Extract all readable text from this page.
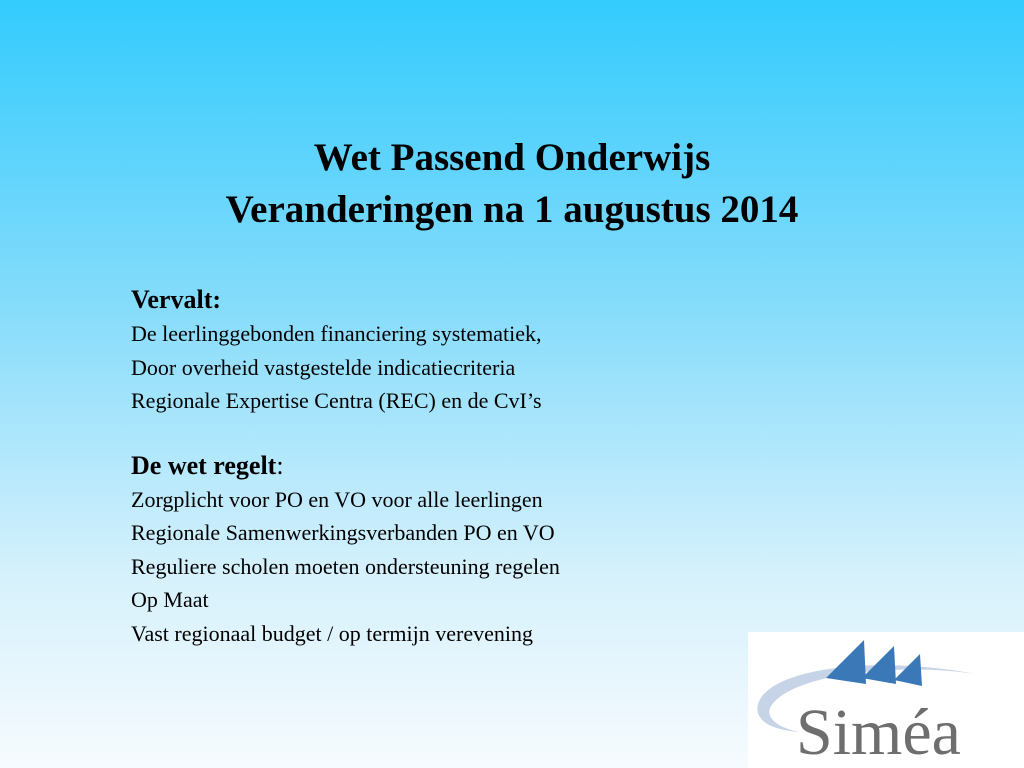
Wet Passend Onderwijs
Veranderingen na 1 augustus 2014
Vervalt:
De leerlinggebonden financiering systematiek,
Door overheid vastgestelde indicatiecriteria
Regionale Expertise Centra (REC) en de CvI’s
De wet regelt:
Zorgplicht voor PO en VO voor alle leerlingen
Regionale Samenwerkingsverbanden PO en VO
Reguliere scholen moeten ondersteuning regelen
Op Maat
Vast regionaal budget / op termijn verevening
Siméa
